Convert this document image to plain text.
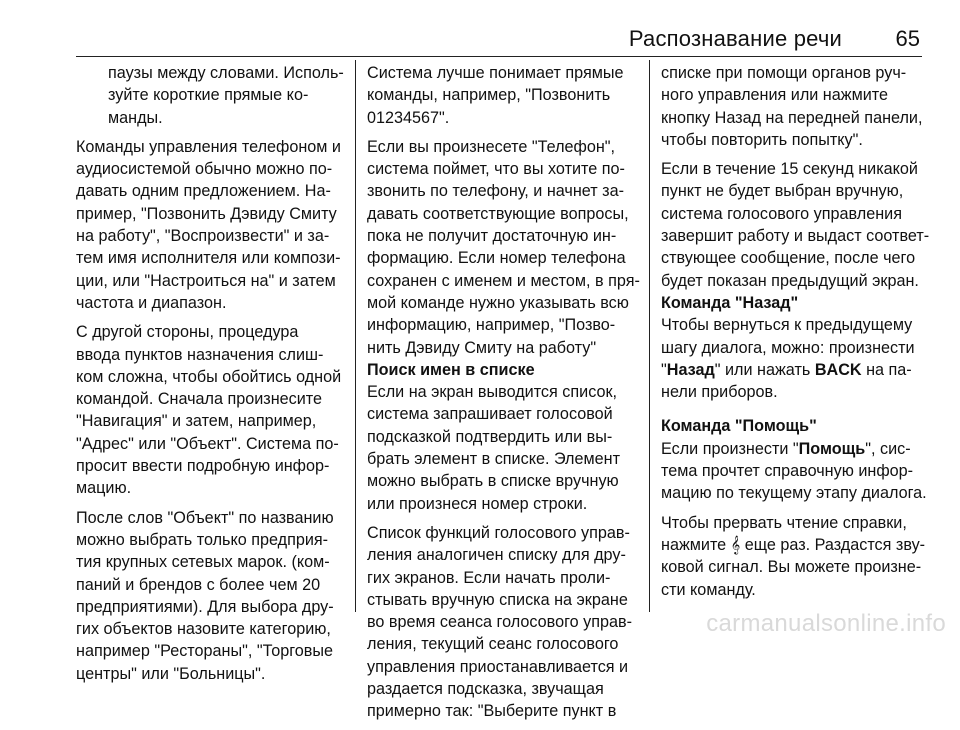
Распознавание речи 65
паузы между словами. Исполь-
зуйте короткие прямые ко-
манды.
Команды управления телефоном и
аудиосистемой обычно можно по-
давать одним предложением. На-
пример, "Позвонить Дэвиду Смиту
на работу", "Воспроизвести" и за-
тем имя исполнителя или компози-
ции, или "Настроиться на" и затем
частота и диапазон.
С другой стороны, процедура
ввода пунктов назначения слиш-
ком сложна, чтобы обойтись одной
командой. Сначала произнесите
"Навигация" и затем, например,
"Адрес" или "Объект". Система по-
просит ввести подробную инфор-
мацию.
После слов "Объект" по названию
можно выбрать только предприя-
тия крупных сетевых марок. (ком-
паний и брендов с более чем 20
предприятиями). Для выбора дру-
гих объектов назовите категорию,
например "Рестораны", "Торговые
центры" или "Больницы".
Система лучше понимает прямые
команды, например, "Позвонить
01234567".
Если вы произнесете "Телефон",
система поймет, что вы хотите по-
звонить по телефону, и начнет за-
давать соответствующие вопросы,
пока не получит достаточную ин-
формацию. Если номер телефона
сохранен с именем и местом, в пря-
мой команде нужно указывать всю
информацию, например, "Позво-
нить Дэвиду Смиту на работу"
Поиск имен в списке
Если на экран выводится список,
система запрашивает голосовой
подсказкой подтвердить или вы-
брать элемент в списке. Элемент
можно выбрать в списке вручную
или произнеся номер строки.
Список функций голосового управ-
ления аналогичен списку для дру-
гих экранов. Если начать проли-
стывать вручную списка на экране
во время сеанса голосового управ-
ления, текущий сеанс голосового
управления приостанавливается и
раздается подсказка, звучащая
примерно так: "Выберите пункт в
списке при помощи органов руч-
ного управления или нажмите
кнопку Назад на передней панели,
чтобы повторить попытку".
Если в течение 15 секунд никакой
пункт не будет выбран вручную,
система голосового управления
завершит работу и выдаст соответ-
ствующее сообщение, после чего
будет показан предыдущий экран.
Команда "Назад"
Чтобы вернуться к предыдущему
шагу диалога, можно: произнести
"Назад" или нажать BACK на па-
нели приборов.
Команда "Помощь"
Если произнести "Помощь", сис-
тема прочтет справочную инфор-
мацию по текущему этапу диалога.
Чтобы прервать чтение справки,
нажмите 𝄞 еще раз. Раздастся зву-
ковой сигнал. Вы можете произне-
сти команду.
carmanualsonline.info
